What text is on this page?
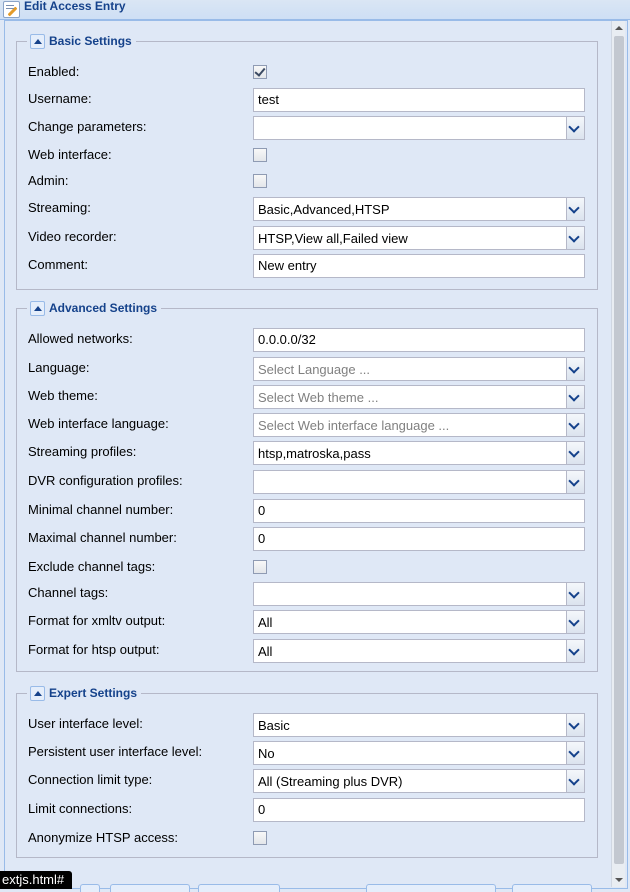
Edit Access Entry
Basic Settings
Enabled:
Username:	test
Change parameters:
Web interface:
Admin:
Streaming:	Basic,Advanced,HTSP
Video recorder:	HTSP,View all,Failed view
Comment:	New entry
Advanced Settings
Allowed networks:	0.0.0.0/32
Language:	Select Language ...
Web theme:	Select Web theme ...
Web interface language:	Select Web interface language ...
Streaming profiles:	htsp,matroska,pass
DVR configuration profiles:
Minimal channel number:	0
Maximal channel number:	0
Exclude channel tags:
Channel tags:
Format for xmltv output:	All
Format for htsp output:	All
Expert Settings
User interface level:	Basic
Persistent user interface level:	No
Connection limit type:	All (Streaming plus DVR)
Limit connections:	0
Anonymize HTSP access:
extjs.html#
